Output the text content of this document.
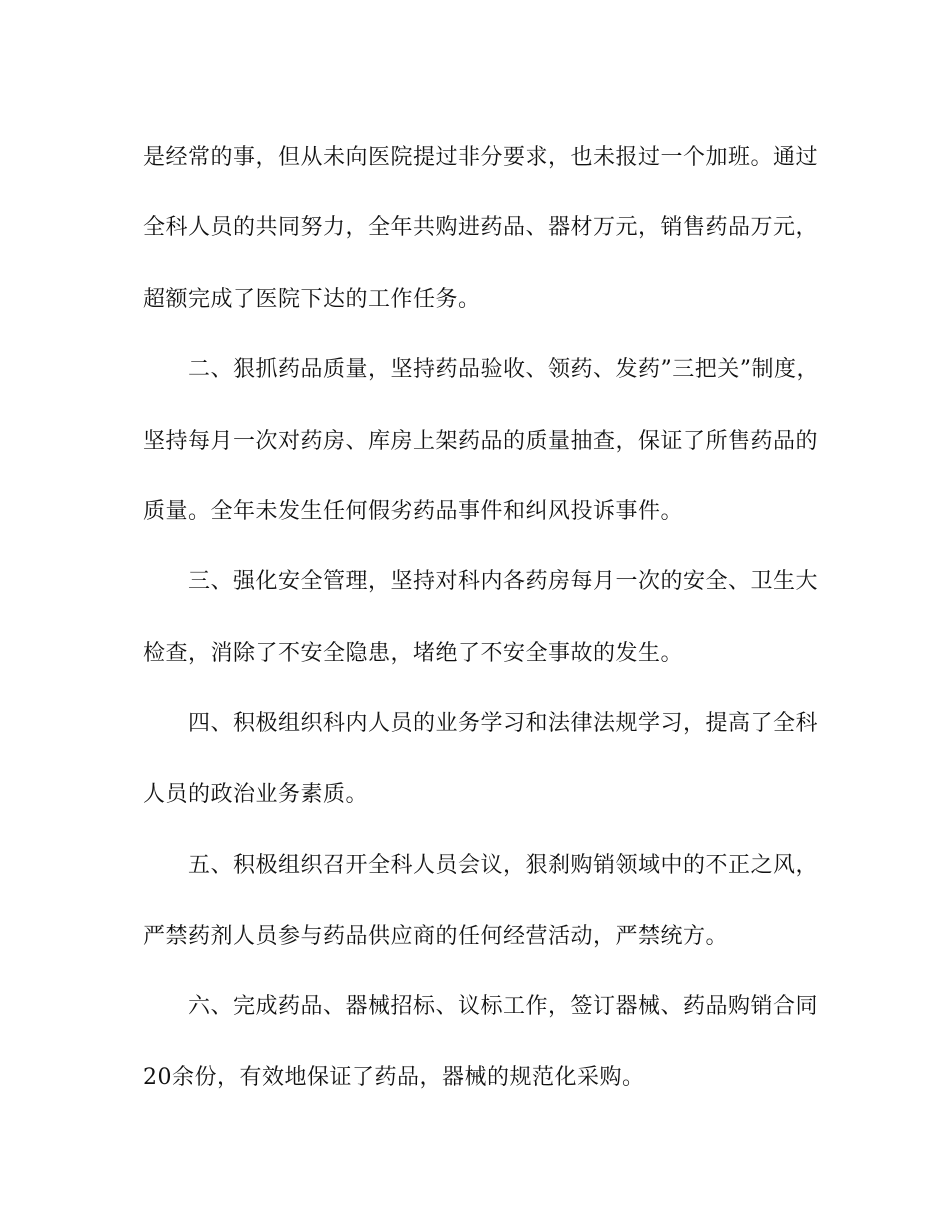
是经常的事，但从未向医院提过非分要求，也未报过一个加班。通过
全科人员的共同努力，全年共购进药品、器材万元，销售药品万元，
超额完成了医院下达的工作任务。
二、狠抓药品质量，坚持药品验收、领药、发药”三把关”制度，
坚持每月一次对药房、库房上架药品的质量抽查，保证了所售药品的
质量。全年未发生任何假劣药品事件和纠风投诉事件。
三、强化安全管理，坚持对科内各药房每月一次的安全、卫生大
检查，消除了不安全隐患，堵绝了不安全事故的发生。
四、积极组织科内人员的业务学习和法律法规学习，提高了全科
人员的政治业务素质。
五、积极组织召开全科人员会议，狠刹购销领域中的不正之风，
严禁药剂人员参与药品供应商的任何经营活动，严禁统方。
六、完成药品、器械招标、议标工作，签订器械、药品购销合同
20余份，有效地保证了药品，器械的规范化采购。
